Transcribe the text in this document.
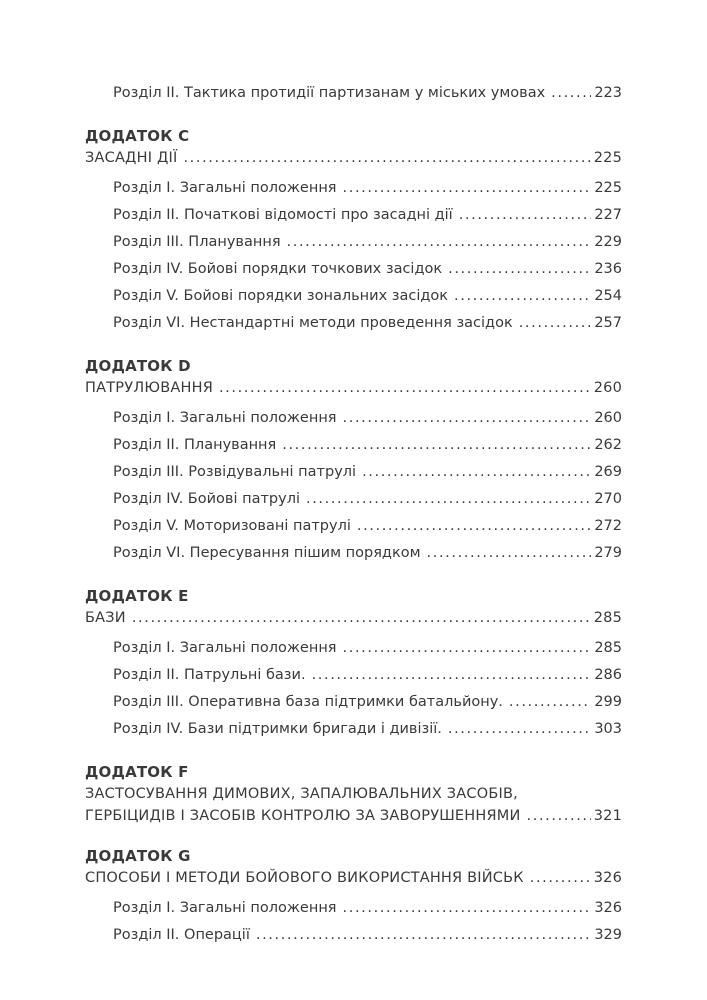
Розділ ІІ. Тактика протидії партизанам у міських умовах .....	223
ДОДАТОК C
ЗАСАДНІ ДІЇ .....	225
Розділ І. Загальні положення .....	225
Розділ ІІ. Початкові відомості про засадні дії .....	227
Розділ ІІІ. Планування .....	229
Розділ ІV. Бойові порядки точкових засідок .....	236
Розділ V. Бойові порядки зональних засідок .....	254
Розділ VІ. Нестандартні методи проведення засідок .....	257
ДОДАТОК D
ПАТРУЛЮВАННЯ .....	260
Розділ І. Загальні положення .....	260
Розділ ІІ. Планування .....	262
Розділ ІІІ. Розвідувальні патрулі .....	269
Розділ ІV. Бойові патрулі .....	270
Розділ V. Моторизовані патрулі .....	272
Розділ VІ. Пересування пішим порядком .....	279
ДОДАТОК E
БАЗИ .....	285
Розділ І. Загальні положення .....	285
Розділ ІІ. Патрульні бази. .....	286
Розділ ІІІ. Оперативна база підтримки батальйону. .....	299
Розділ ІV. Бази підтримки бригади і дивізії. .....	303
ДОДАТОК F
ЗАСТОСУВАННЯ ДИМОВИХ, ЗАПАЛЮВАЛЬНИХ ЗАСОБІВ,
ГЕРБІЦИДІВ І ЗАСОБІВ КОНТРОЛЮ ЗА ЗАВОРУШЕННЯМИ .....	321
ДОДАТОК G
СПОСОБИ І МЕТОДИ БОЙОВОГО ВИКОРИСТАННЯ ВІЙСЬК .....	326
Розділ І. Загальні положення .....	326
Розділ ІІ. Операції .....	329
